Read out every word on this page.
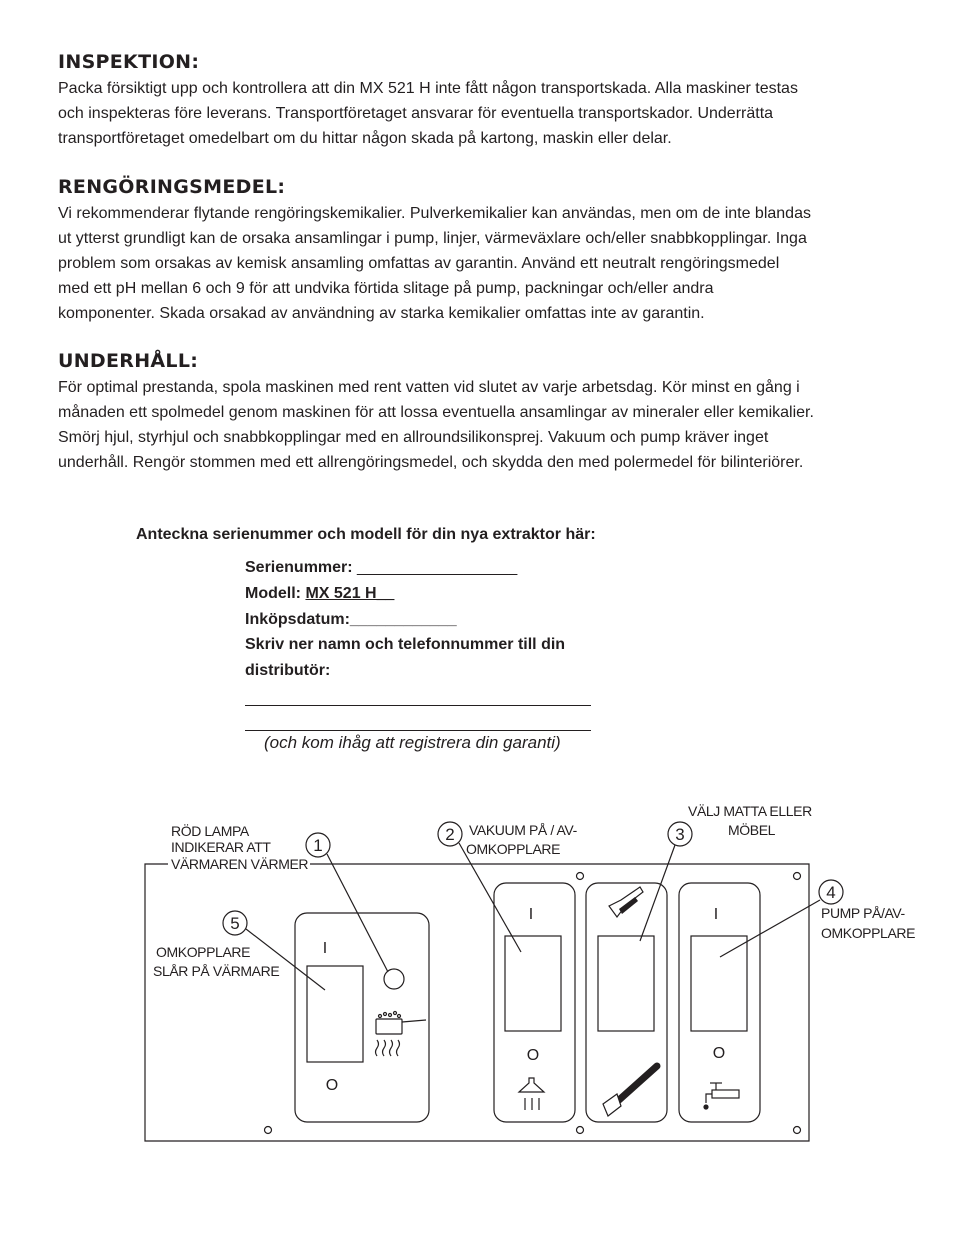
INSPEKTION:
Packa försiktigt upp och kontrollera att din MX 521 H inte fått någon transportskada. Alla maskiner testas
och inspekteras före leverans. Transportföretaget ansvarar för eventuella transportskador. Underrätta
transportföretaget omedelbart om du hittar någon skada på kartong, maskin eller delar.
RENGÖRINGSMEDEL:
Vi rekommenderar flytande rengöringskemikalier. Pulverkemikalier kan användas, men om de inte blandas
ut ytterst grundligt kan de orsaka ansamlingar i pump, linjer, värmeväxlare och/eller snabbkopplingar. Inga
problem som orsakas av kemisk ansamling omfattas av garantin. Använd ett neutralt rengöringsmedel
med ett pH mellan 6 och 9 för att undvika förtida slitage på pump, packningar och/eller andra
komponenter. Skada orsakad av användning av starka kemikalier omfattas inte av garantin.
UNDERHÅLL:
För optimal prestanda, spola maskinen med rent vatten vid slutet av varje arbetsdag. Kör minst en gång i
månaden ett spolmedel genom maskinen för att lossa eventuella ansamlingar av mineraler eller kemikalier.
Smörj hjul, styrhjul och snabbkopplingar med en allroundsilikonsprej. Vakuum och pump kräver inget
underhåll. Rengör stommen med ett allrengöringsmedel, och skydda den med polermedel för bilinteriörer.
Anteckna serienummer och modell för din nya extraktor här:
Serienummer: __________________
Modell: MX 521 H__
Inköpsdatum:____________
Skriv ner namn och telefonnummer till din
distributör:
(och kom ihåg att registrera din garanti)
1
2	3
4
5
RÖD LAMPA
INDIKERAR ATT
VÄRMAREN VÄRMER
VAKUUM PÅ / AV-
OMKOPPLARE
VÄLJ MATTA ELLER
MÖBEL
PUMP PÅ/AV-
OMKOPPLARE
OMKOPPLARE
SLÅR PÅ VÄRMARE
I
O
I
O
I
O
